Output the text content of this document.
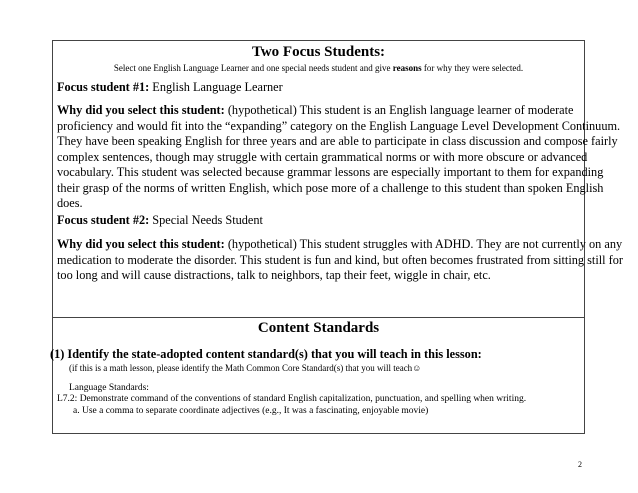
Two Focus Students:
Select one English Language Learner and one special needs student and give reasons for why they were selected.
Focus student #1: English Language Learner
Why did you select this student: (hypothetical) This student is an English language learner of moderate
proficiency and would fit into the “expanding” category on the English Language Level Development Continuum.
They have been speaking English for three years and are able to participate in class discussion and compose fairly
complex sentences, though may struggle with certain grammatical norms or with more obscure or advanced
vocabulary. This student was selected because grammar lessons are especially important to them for expanding
their grasp of the norms of written English, which pose more of a challenge to this student than spoken English
does.
Focus student #2: Special Needs Student
Why did you select this student: (hypothetical) This student struggles with ADHD. They are not currently on any
medication to moderate the disorder. This student is fun and kind, but often becomes frustrated from sitting still for
too long and will cause distractions, talk to neighbors, tap their feet, wiggle in chair, etc.
Content Standards
(1) Identify the state-adopted content standard(s) that you will teach in this lesson:
(if this is a math lesson, please identify the Math Common Core Standard(s) that you will teach☺
Language Standards:
L7.2: Demonstrate command of the conventions of standard English capitalization, punctuation, and spelling when writing.
a. Use a comma to separate coordinate adjectives (e.g., It was a fascinating, enjoyable movie)
2
